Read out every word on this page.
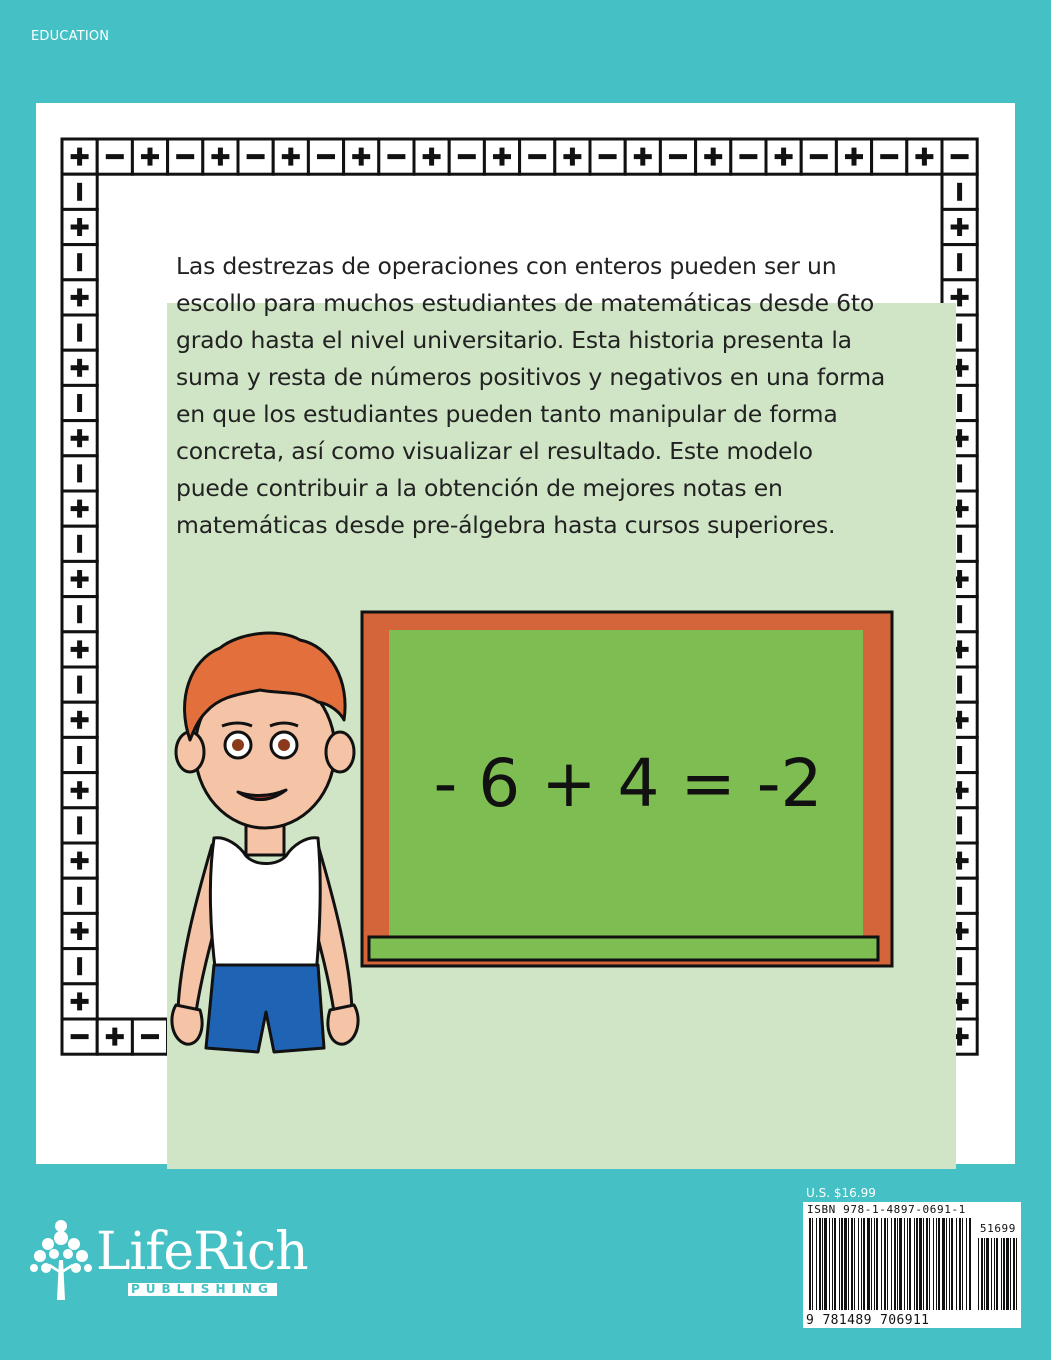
EDUCATION
Las destrezas de operaciones con enteros pueden ser un escollo para muchos estudiantes de matemáticas desde 6to grado hasta el nivel universitario. Esta historia presenta la suma y resta de números positivos y negativos en una forma en que los estudiantes pueden tanto manipular de forma concreta, así como visualizar el resultado. Este modelo puede contribuir a la obtención de mejores notas en matemáticas desde pre-álgebra hasta cursos superiores.
- 6 + 4 = -2
U.S. $16.99
ISBN 978-1-4897-0691-1
51699
9 781489 706911
LifeRich
PUBLISHING
